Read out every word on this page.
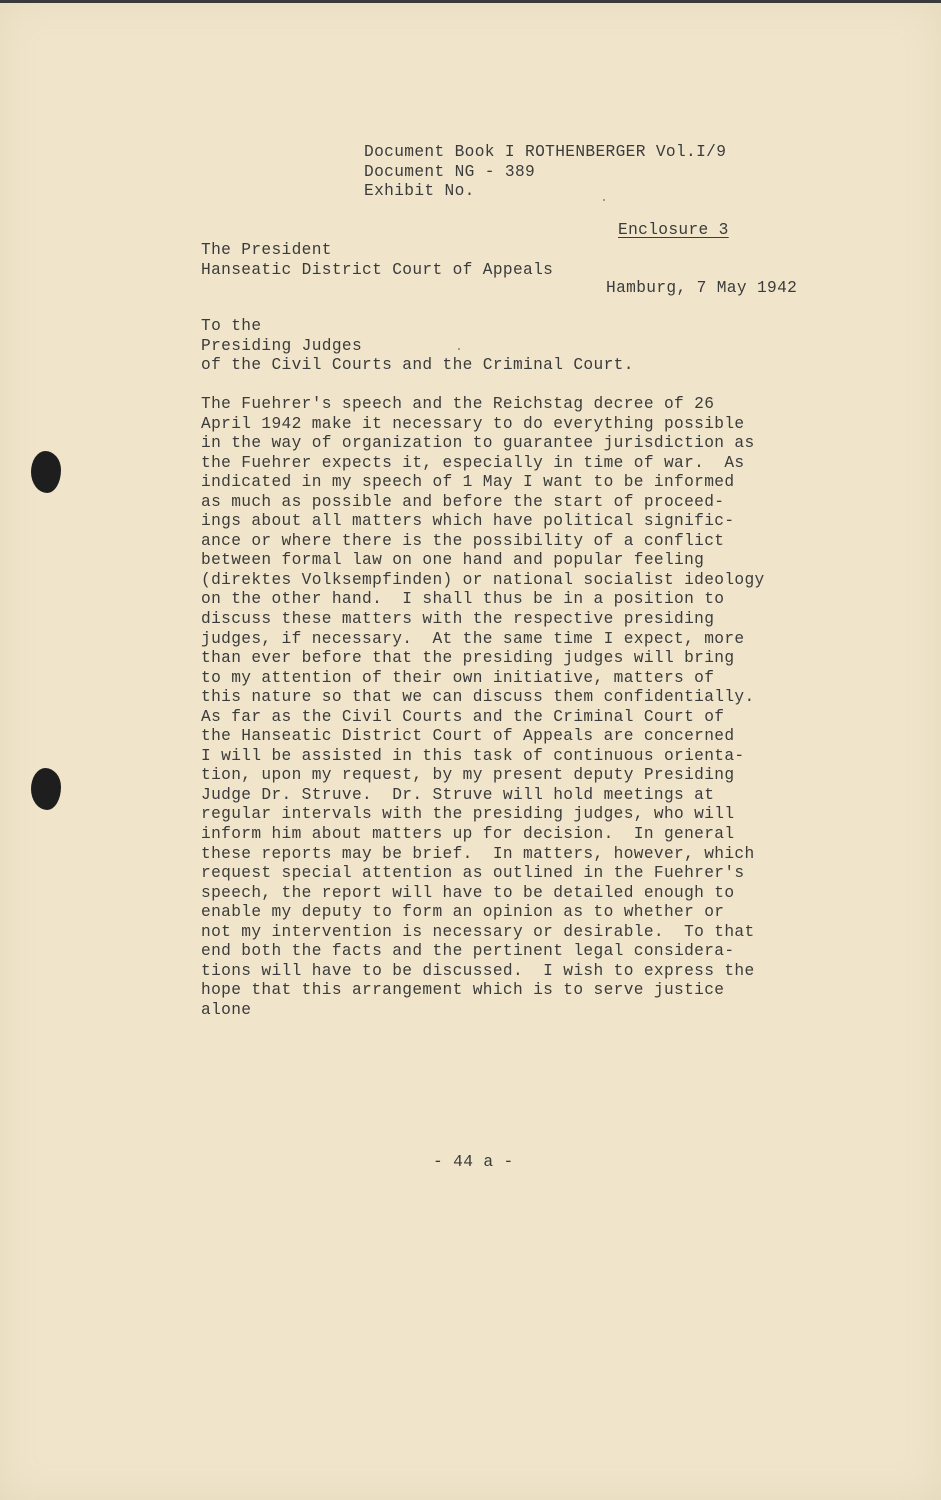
Document Book I ROTHENBERGER Vol.I/9

Document NG - 389

Exhibit No.

Enclosure 3

The President

Hanseatic District Court of Appeals

Hamburg, 7 May 1942

To the

Presiding Judges

of the Civil Courts and the Criminal Court.

The Fuehrer's speech and the Reichstag decree of 26
April 1942 make it necessary to do everything possible
in the way of organization to guarantee jurisdiction as
the Fuehrer expects it, especially in time of war.  As
indicated in my speech of 1 May I want to be informed
as much as possible and before the start of proceed-
ings about all matters which have political signific-
ance or where there is the possibility of a conflict
between formal law on one hand and popular feeling
(direktes Volksempfinden) or national socialist ideology
on the other hand.  I shall thus be in a position to
discuss these matters with the respective presiding
judges, if necessary.  At the same time I expect, more
than ever before that the presiding judges will bring
to my attention of their own initiative, matters of
this nature so that we can discuss them confidentially.
As far as the Civil Courts and the Criminal Court of
the Hanseatic District Court of Appeals are concerned
I will be assisted in this task of continuous orienta-
tion, upon my request, by my present deputy Presiding
Judge Dr. Struve.  Dr. Struve will hold meetings at
regular intervals with the presiding judges, who will
inform him about matters up for decision.  In general
these reports may be brief.  In matters, however, which
request special attention as outlined in the Fuehrer's
speech, the report will have to be detailed enough to
enable my deputy to form an opinion as to whether or
not my intervention is necessary or desirable.  To that
end both the facts and the pertinent legal considera-
tions will have to be discussed.  I wish to express the
hope that this arrangement which is to serve justice
alone

- 44 a -
